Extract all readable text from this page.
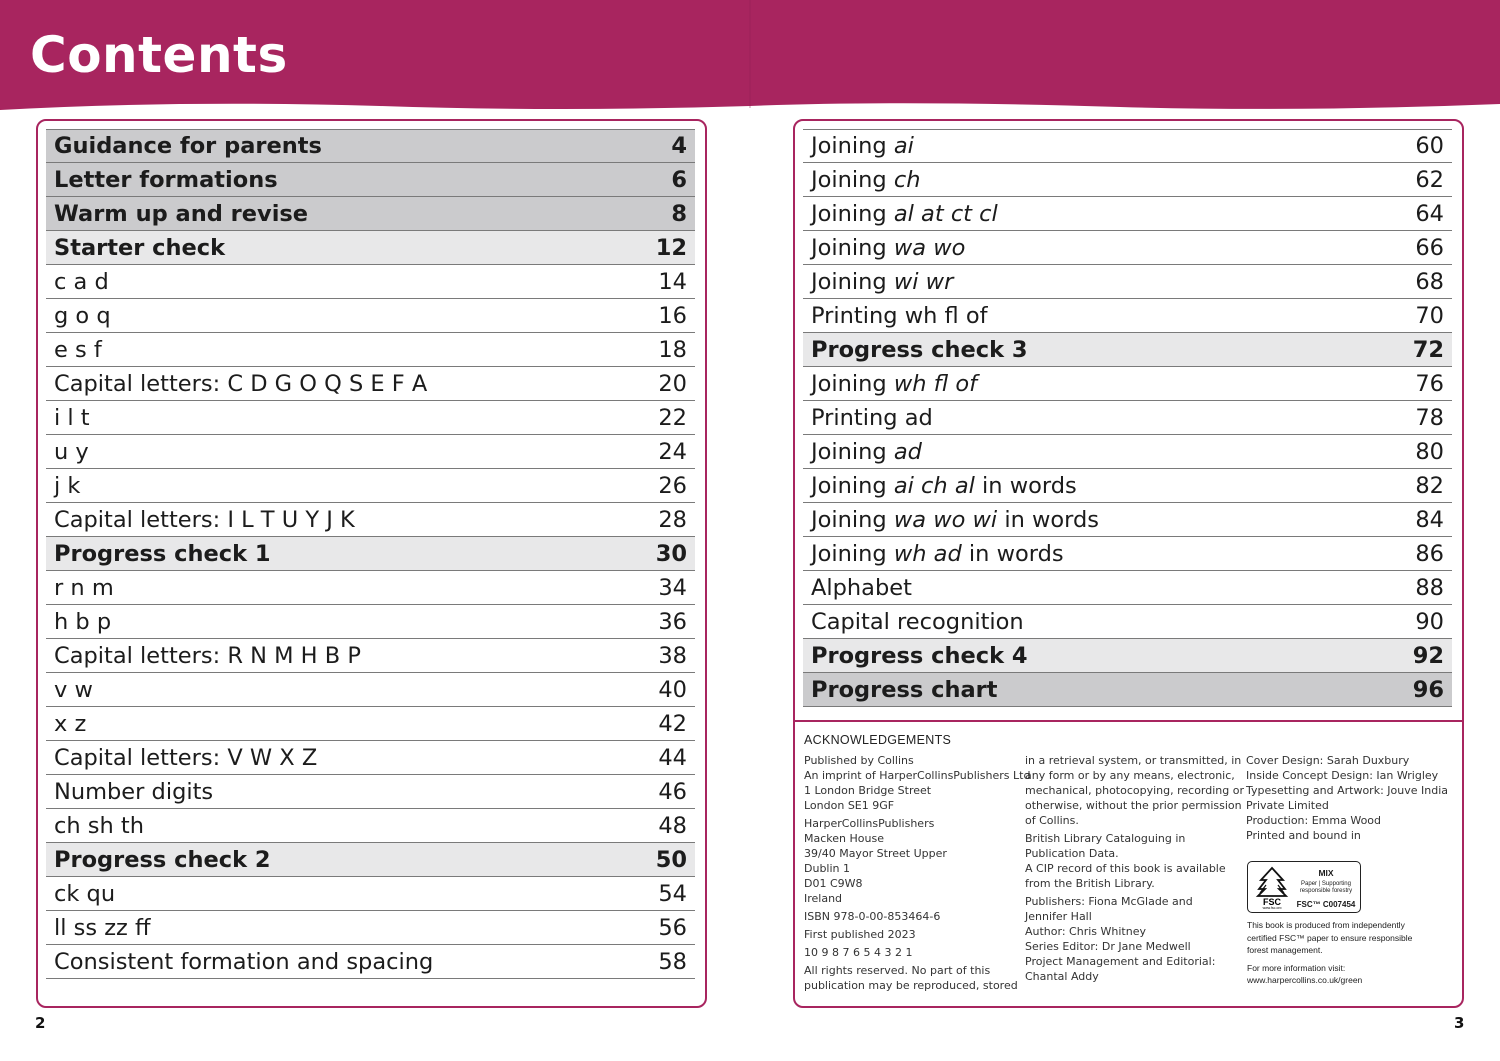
Contents
Guidance for parents	4
Letter formations	6
Warm up and revise	8
Starter check	12
c a d	14
g o q	16
e s f	18
Capital letters: C D G O Q S E F A	20
i l t	22
u y	24
j k	26
Capital letters: I L T U Y J K	28
Progress check 1	30
r n m	34
h b p	36
Capital letters: R N M H B P	38
v w	40
x z	42
Capital letters: V W X Z	44
Number digits	46
ch sh th	48
Progress check 2	50
ck qu	54
ll ss zz ff	56
Consistent formation and spacing	58
Joining ai	60
Joining ch	62
Joining al at ct cl	64
Joining wa wo	66
Joining wi wr	68
Printing wh fl of	70
Progress check 3	72
Joining wh fl of	76
Printing ad	78
Joining ad	80
Joining ai ch al in words	82
Joining wa wo wi in words	84
Joining wh ad in words	86
Alphabet	88
Capital recognition	90
Progress check 4	92
Progress chart	96
ACKNOWLEDGEMENTS
Published by Collins
An imprint of HarperCollinsPublishers Ltd
1 London Bridge Street
London SE1 9GF
HarperCollinsPublishers
Macken House
39/40 Mayor Street Upper
Dublin 1
D01 C9W8
Ireland
ISBN 978-0-00-853464-6
First published 2023
10 9 8 7 6 5 4 3 2 1
All rights reserved. No part of this
publication may be reproduced, stored
in a retrieval system, or transmitted, in
any form or by any means, electronic,
mechanical, photocopying, recording or
otherwise, without the prior permission
of Collins.
British Library Cataloguing in
Publication Data.
A CIP record of this book is available
from the British Library.
Publishers: Fiona McGlade and
Jennifer Hall
Author: Chris Whitney
Series Editor: Dr Jane Medwell
Project Management and Editorial:
Chantal Addy
Cover Design: Sarah Duxbury
Inside Concept Design: Ian Wrigley
Typesetting and Artwork: Jouve India
Private Limited
Production: Emma Wood
Printed and bound in
FSC
www.fsc.org
MIX
Paper | Supporting
responsible forestry
FSC™ C007454
This book is produced from independently
certified FSC™ paper to ensure responsible
forest management.
For more information visit:
www.harpercollins.co.uk/green
2	3
